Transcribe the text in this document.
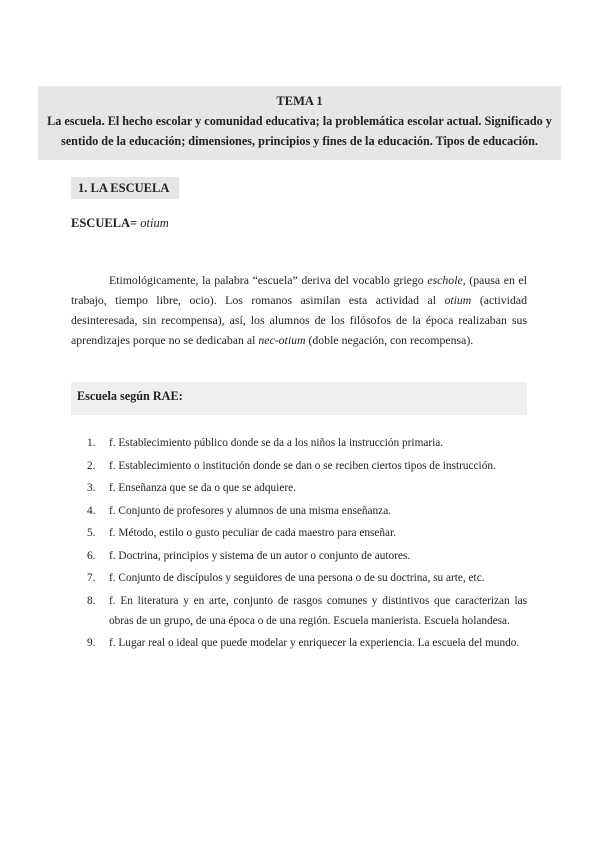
TEMA 1
La escuela. El hecho escolar y comunidad educativa; la problemática escolar actual. Significado y
sentido de la educación; dimensiones, principios y fines de la educación. Tipos de educación.
1. LA ESCUELA
ESCUELA= otium

Etimológicamente, la palabra “escuela” deriva del vocablo griego eschole, (pausa en el trabajo, tiempo libre, ocio). Los romanos asimilan esta actividad al otium (actividad desinteresada, sin recompensa), así, los alumnos de los filósofos de la época realizaban sus aprendizajes porque no se dedicaban al nec-otium (doble negación, con recompensa).

Escuela según RAE:
1. f. Establecimiento público donde se da a los niños la instrucción primaria.
2. f. Establecimiento o institución donde se dan o se reciben ciertos tipos de instrucción.
3. f. Enseñanza que se da o que se adquiere.
4. f. Conjunto de profesores y alumnos de una misma enseñanza.
5. f. Método, estilo o gusto peculiar de cada maestro para enseñar.
6. f. Doctrina, principios y sistema de un autor o conjunto de autores.
7. f. Conjunto de discípulos y seguidores de una persona o de su doctrina, su arte, etc.
8. f. En literatura y en arte, conjunto de rasgos comunes y distintivos que caracterizan las obras de un grupo, de una época o de una región. Escuela manierista. Escuela holandesa.
9. f. Lugar real o ideal que puede modelar y enriquecer la experiencia. La escuela del mundo.
